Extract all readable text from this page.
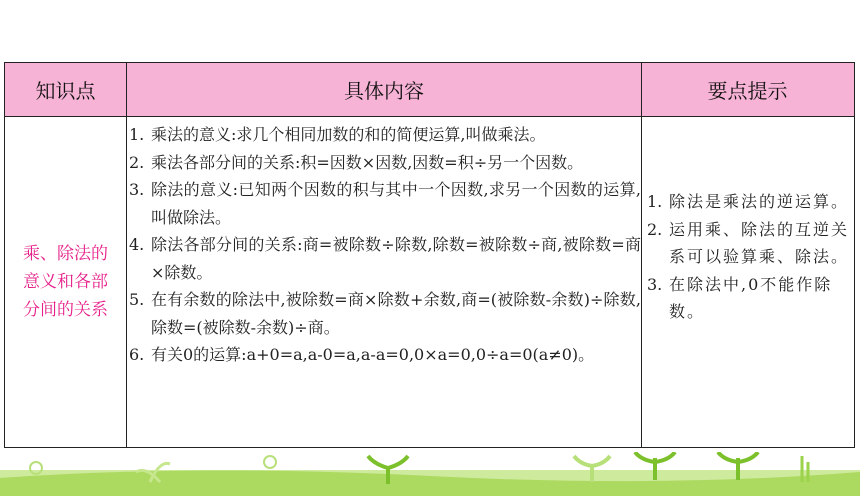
知识点	具体内容	要点提示
乘、除法的
意义和各部
分间的关系
1. 乘法的意义:求几个相同加数的和的简便运算,叫做乘法。
2. 乘法各部分间的关系:积=因数×因数,因数=积÷另一个因数。
3. 除法的意义:已知两个因数的积与其中一个因数,求另一个因数的运算,叫做除法。
4. 除法各部分间的关系:商=被除数÷除数,除数=被除数÷商,被除数=商×除数。
5. 在有余数的除法中,被除数=商×除数+余数,商=(被除数-余数)÷除数,除数=(被除数-余数)÷商。
6. 有关0的运算:a+0=a,a-0=a,a-a=0,0×a=0,0÷a=0(a≠0)。
1. 除法是乘法的逆运算。
2. 运用乘、除法的互逆关系可以验算乘、除法。
3. 在除法中,0不能作除数。
